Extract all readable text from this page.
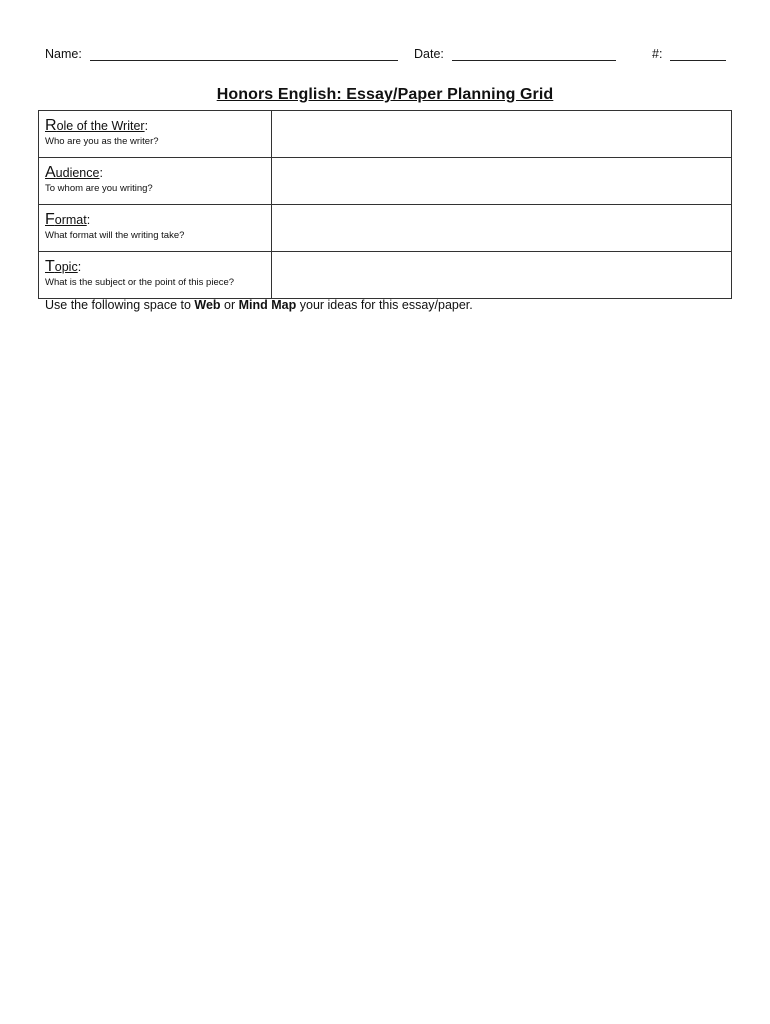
Name:	Date:	#:
Honors English: Essay/Paper Planning Grid
Role of the Writer:
Who are you as the writer?	

Audience:
To whom are you writing?	

Format:
What format will the writing take?	

Topic:
What is the subject or the point of this piece?	

Use the following space to Web or Mind Map your ideas for this essay/paper.
